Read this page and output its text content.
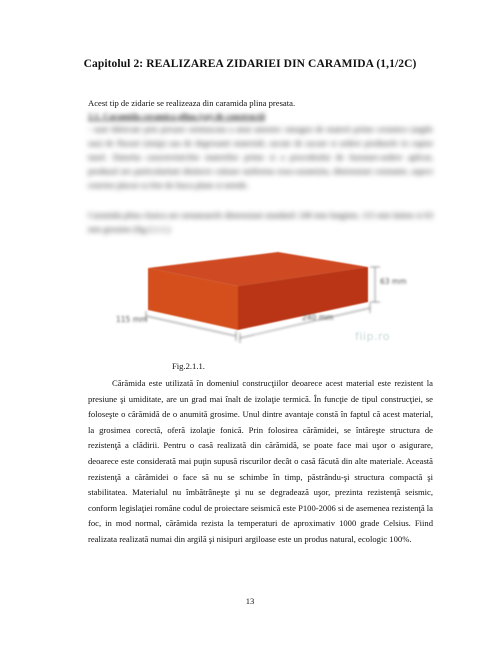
Capitolul 2: REALIZAREA ZIDARIEI DIN CARAMIDA (1,1/2C)
Acest tip de zidarie se realizeaza din caramida plina presata.
2.1. Caramida ceramica plina (cp) de constructii
- sunt fabricate prin presare semiuscata a unui amestec omogen de materii prime ceramice (argile sau) de fluxuri (nisip) sau de degresanti materiali, uscate de uscare si ardere produsele in cuptor tunel. Datorita caracteristicilor materiilor prime si a procedeului de fasonare-ardere aplicat, produsul are particularitati distincte culoare uniforma rosu-caramiziu, dimensiuni constante, aspect exterior placut cu fete de fasca plane si netede.
Caramida plina clasica are urmatoarele dimensiuni standard: 240 mm lungime, 115 mm latime si 63 mm grosime (fig.2.1.1.)
63 mm
115 mm	240 mm
fiip.ro
Fig.2.1.1.
Cărămida este utilizată în domeniul construcţiilor deoarece acest material este rezistent la presiune şi umiditate, are un grad mai înalt de izolaţie termică. În funcţie de tipul construcţiei, se foloseşte o cărămidă de o anumită grosime. Unul dintre avantaje constă în faptul că acest material, la grosimea corectă, oferă izolaţie fonică. Prin folosirea cărămidei, se întăreşte structura de rezistenţă a clădirii. Pentru o casă realizată din cărămidă, se poate face mai uşor o asigurare, deoarece este considerată mai puţin supusă riscurilor decât o casă făcută din alte materiale. Această rezistenţă a cărămidei o face să nu se schimbe în timp, păstrându-şi structura compactă şi stabilitatea. Materialul nu îmbătrâneşte şi nu se degradează uşor, prezinta rezistenţă seismic, conform legislaţiei romȃne codul de proiectare seismică este P100-2006 si de asemenea rezistenţă la foc, in mod normal, cărămida rezista la temperaturi de aproximativ 1000 grade Celsius. Fiind realizata realizată numai din argilă şi nisipuri argiloase este un produs natural, ecologic 100%.
13
